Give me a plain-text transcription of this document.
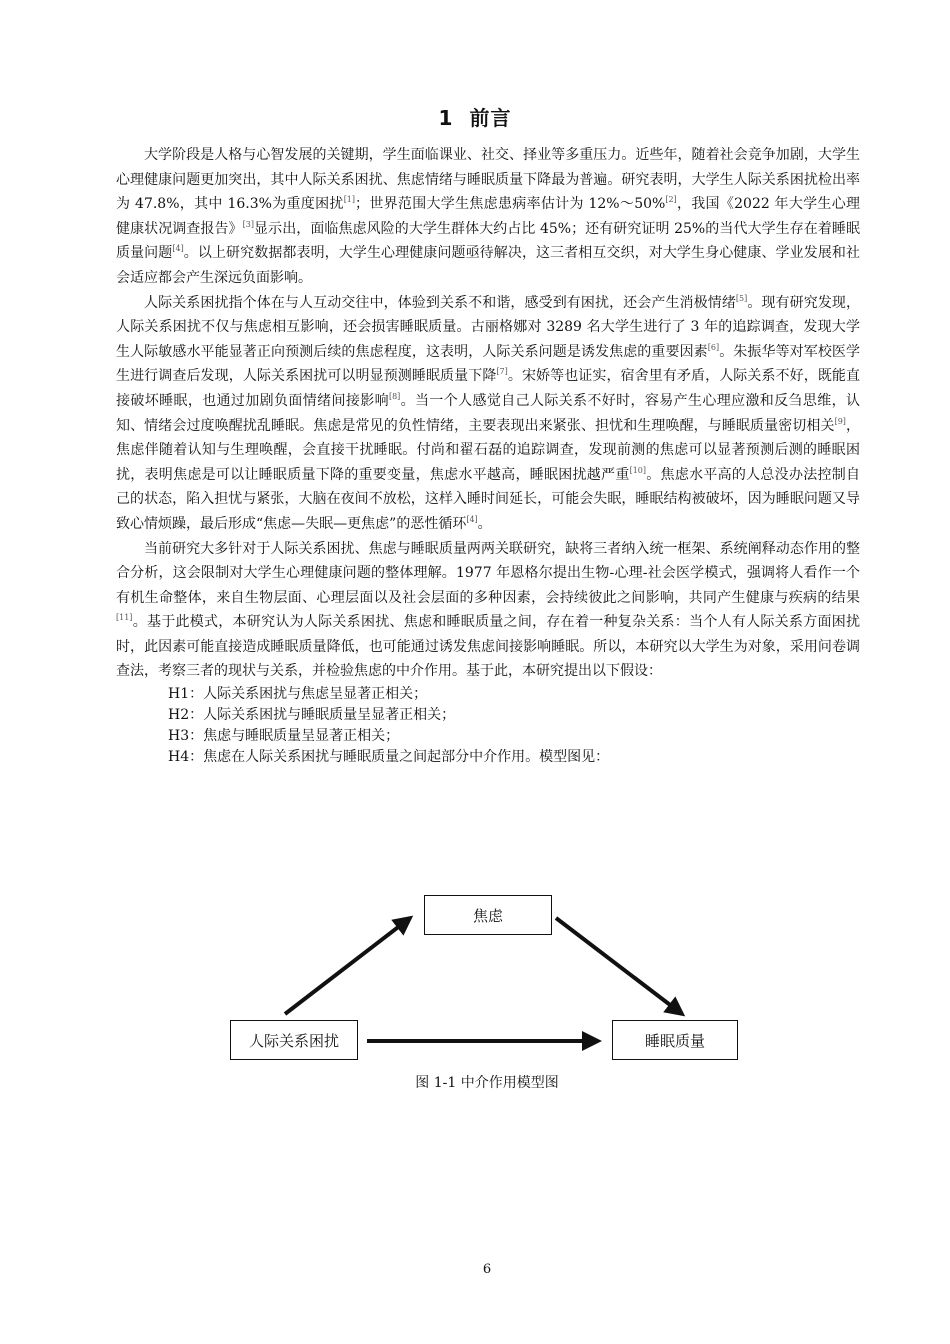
1 前言

大学阶段是人格与心智发展的关键期，学生面临课业、社交、择业等多重压力。近些年，随着社会竞争加剧，大学生心理健康问题更加突出，其中人际关系困扰、焦虑情绪与睡眠质量下降最为普遍。研究表明，大学生人际关系困扰检出率为 47.8%，其中 16.3%为重度困扰[1]；世界范围大学生焦虑患病率估计为 12%～50%[2]，我国《2022 年大学生心理健康状况调查报告》[3]显示出，面临焦虑风险的大学生群体大约占比 45%；还有研究证明 25%的当代大学生存在着睡眠质量问题[4]。以上研究数据都表明，大学生心理健康问题亟待解决，这三者相互交织，对大学生身心健康、学业发展和社会适应都会产生深远负面影响。

人际关系困扰指个体在与人互动交往中，体验到关系不和谐，感受到有困扰，还会产生消极情绪[5]。现有研究发现，人际关系困扰不仅与焦虑相互影响，还会损害睡眠质量。古丽格娜对 3289 名大学生进行了 3 年的追踪调查，发现大学生人际敏感水平能显著正向预测后续的焦虑程度，这表明，人际关系问题是诱发焦虑的重要因素[6]。朱振华等对军校医学生进行调查后发现，人际关系困扰可以明显预测睡眠质量下降[7]。宋娇等也证实，宿舍里有矛盾，人际关系不好，既能直接破坏睡眠，也通过加剧负面情绪间接影响[8]。当一个人感觉自己人际关系不好时，容易产生心理应激和反刍思维，认知、情绪会过度唤醒扰乱睡眠。焦虑是常见的负性情绪，主要表现出来紧张、担忧和生理唤醒，与睡眠质量密切相关[9]，焦虑伴随着认知与生理唤醒，会直接干扰睡眠。付尚和翟石磊的追踪调查，发现前测的焦虑可以显著预测后测的睡眠困扰，表明焦虑是可以让睡眠质量下降的重要变量，焦虑水平越高，睡眠困扰越严重[10]。焦虑水平高的人总没办法控制自己的状态，陷入担忧与紧张，大脑在夜间不放松，这样入睡时间延长，可能会失眠，睡眠结构被破坏，因为睡眠问题又导致心情烦躁，最后形成“焦虑—失眠—更焦虑”的恶性循环[4]。

当前研究大多针对于人际关系困扰、焦虑与睡眠质量两两关联研究，缺将三者纳入统一框架、系统阐释动态作用的整合分析，这会限制对大学生心理健康问题的整体理解。1977 年恩格尔提出生物-心理-社会医学模式，强调将人看作一个有机生命整体，来自生物层面、心理层面以及社会层面的多种因素，会持续彼此之间影响，共同产生健康与疾病的结果[11]。基于此模式，本研究认为人际关系困扰、焦虑和睡眠质量之间，存在着一种复杂关系：当个人有人际关系方面困扰时，此因素可能直接造成睡眠质量降低，也可能通过诱发焦虑间接影响睡眠。所以，本研究以大学生为对象，采用问卷调查法，考察三者的现状与关系，并检验焦虑的中介作用。基于此，本研究提出以下假设：

H1：人际关系困扰与焦虑呈显著正相关；

H2：人际关系困扰与睡眠质量呈显著正相关；

H3：焦虑与睡眠质量呈显著正相关；

H4：焦虑在人际关系困扰与睡眠质量之间起部分中介作用。模型图见：

焦虑
人际关系困扰	睡眠质量
图 1-1 中介作用模型图
6
